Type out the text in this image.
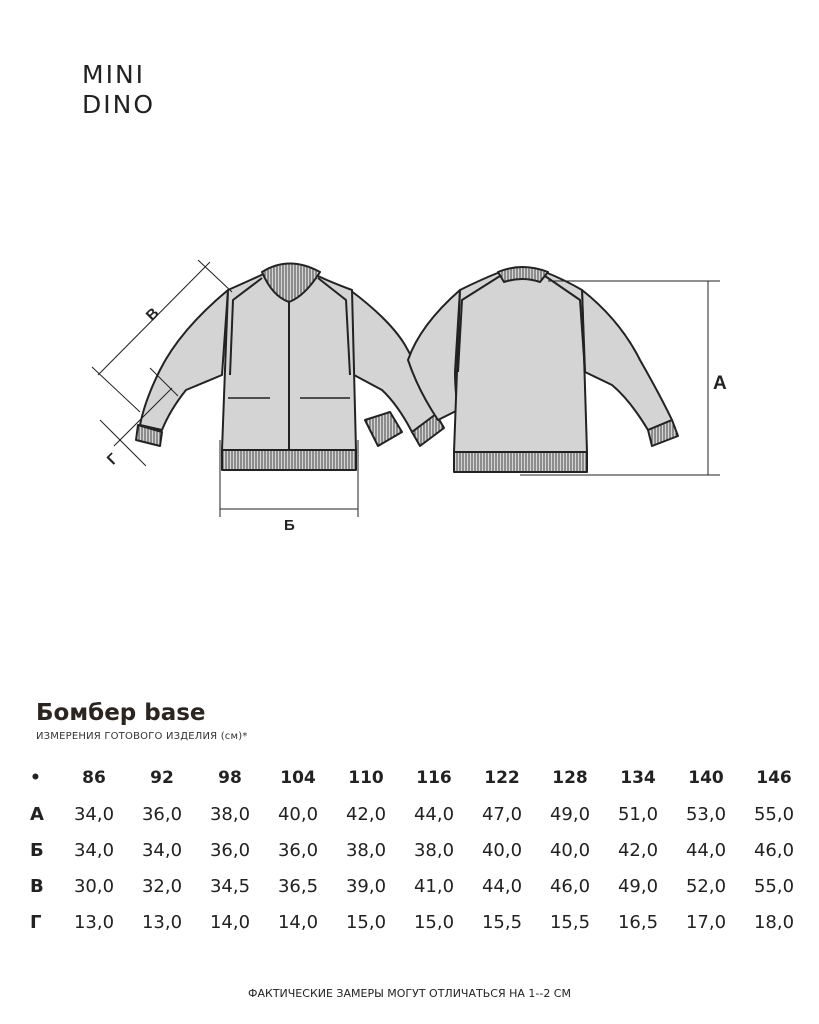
MINI
DINO
A
Б
В
Г
Бомбер base
ИЗМЕРЕНИЯ ГОТОВОГО ИЗДЕЛИЯ (см)*
•	86	92	98	104	110	116	122	128	134	140	146
А	34,0	36,0	38,0	40,0	42,0	44,0	47,0	49,0	51,0	53,0	55,0
Б	34,0	34,0	36,0	36,0	38,0	38,0	40,0	40,0	42,0	44,0	46,0
В	30,0	32,0	34,5	36,5	39,0	41,0	44,0	46,0	49,0	52,0	55,0
Г	13,0	13,0	14,0	14,0	15,0	15,0	15,5	15,5	16,5	17,0	18,0
ФАКТИЧЕСКИЕ ЗАМЕРЫ МОГУТ ОТЛИЧАТЬСЯ НА 1--2 СМ
